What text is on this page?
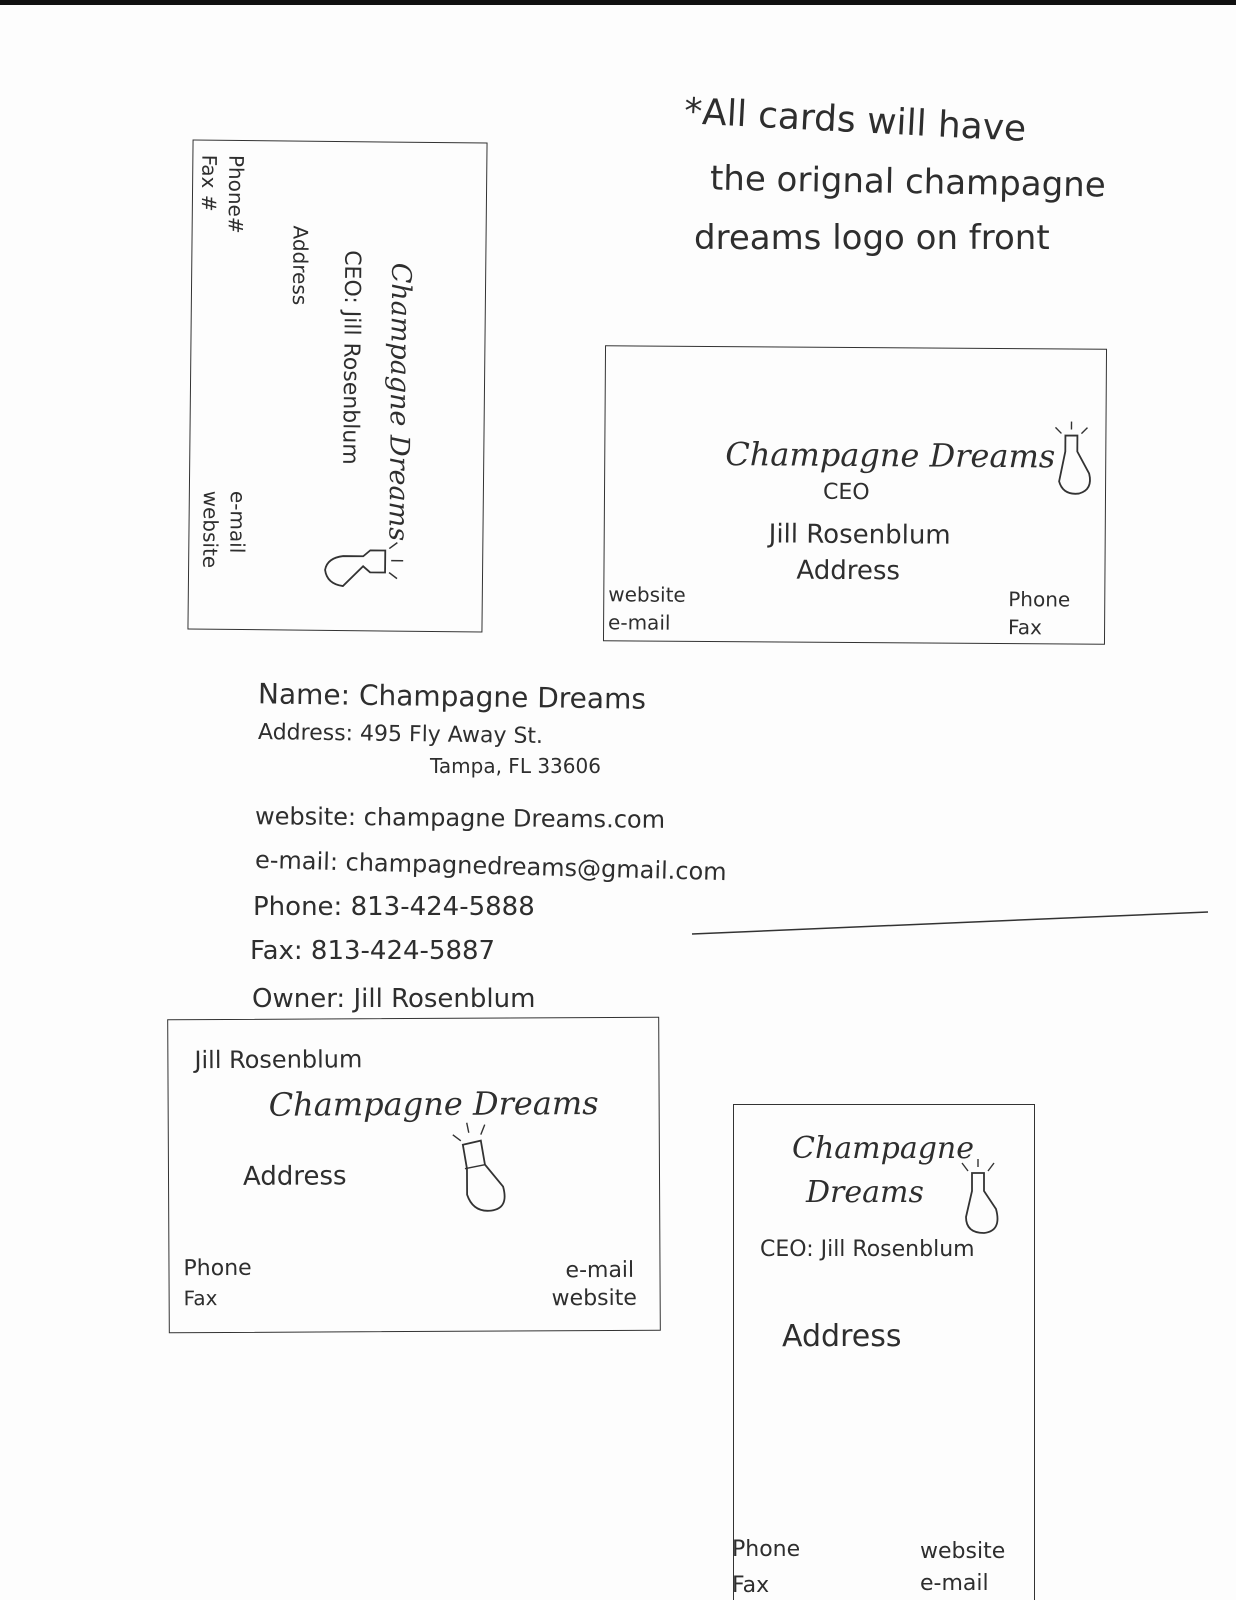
*All cards will have
the orignal champagne
dreams logo on front
Phone#
Fax #
Address CEO: Jill Rosenblum Champagne Dreams
e-mail
website
Champagne Dreams
CEO
Jill Rosenblum
Address
website
e-mail
Phone
Fax
Name: Champagne Dreams
Address: 495 Fly Away St.
Tampa, FL 33606
website: champagne Dreams.com
e-mail: champagnedreams@gmail.com
Phone: 813-424-5888
Fax: 813-424-5887
Owner: Jill Rosenblum
Jill Rosenblum
Champagne Dreams
Address
Phone
Fax
e-mail
website
Champagne
Dreams
CEO: Jill Rosenblum
Address
Phone
Fax
website
e-mail
